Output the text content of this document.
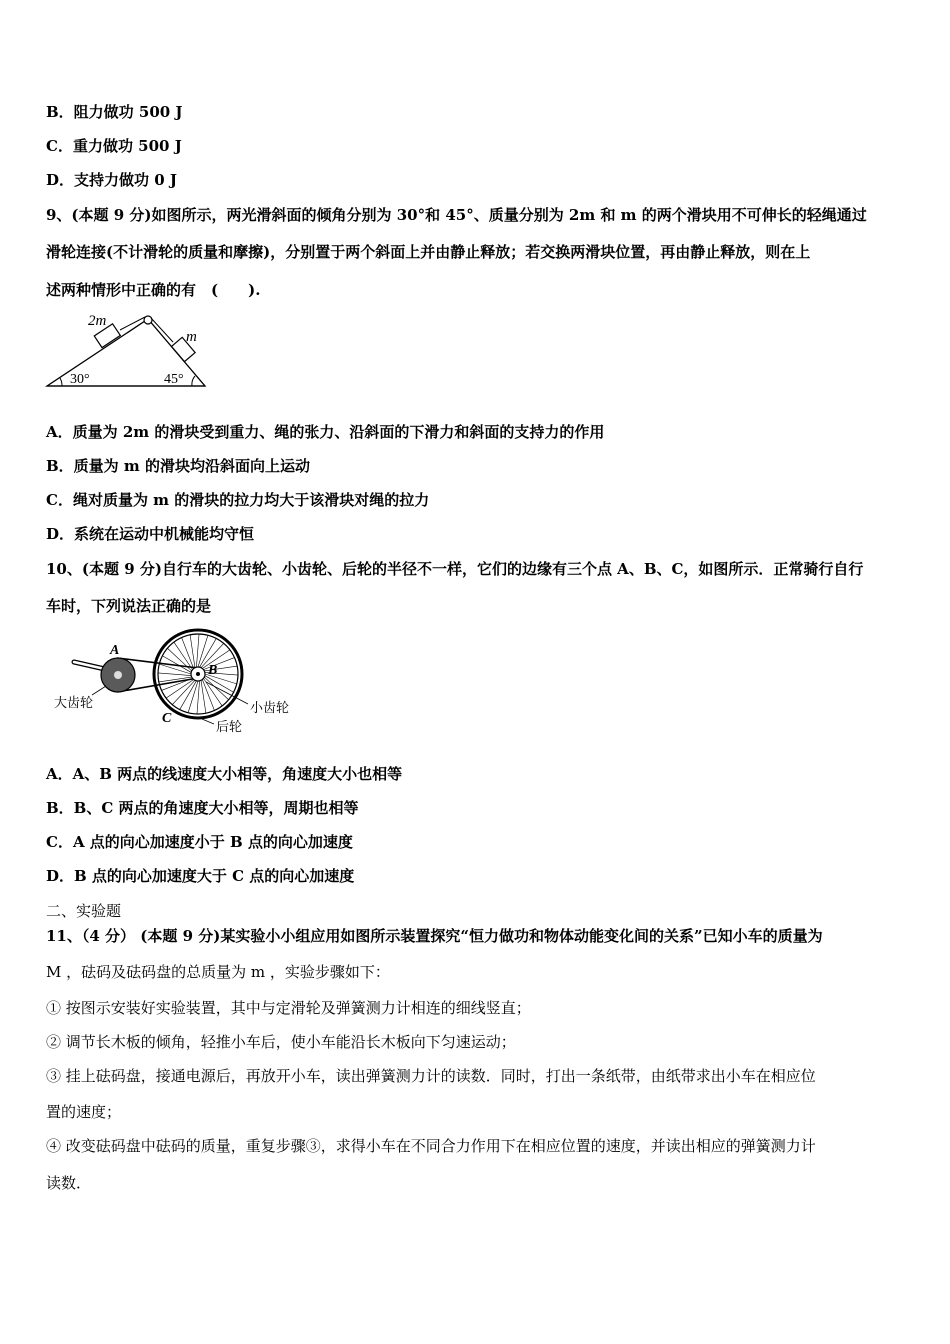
B．阻力做功 500 J
C．重力做功 500 J
D．支持力做功 0 J
9、(本题 9 分)如图所示，两光滑斜面的倾角分别为 30°和 45°、质量分别为 2m 和 m 的两个滑块用不可伸长的轻绳通过
滑轮连接(不计滑轮的质量和摩擦)，分别置于两个斜面上并由静止释放；若交换两滑块位置，再由静止释放，则在上
述两种情形中正确的有　(　　).
2m
m
30°	45°
A．质量为 2m 的滑块受到重力、绳的张力、沿斜面的下滑力和斜面的支持力的作用
B．质量为 m 的滑块均沿斜面向上运动
C．绳对质量为 m 的滑块的拉力均大于该滑块对绳的拉力
D．系统在运动中机械能均守恒
10、(本题 9 分)自行车的大齿轮、小齿轮、后轮的半径不一样，它们的边缘有三个点 A、B、C，如图所示．正常骑行自行
车时，下列说法正确的是
A
B
C
大齿轮	小齿轮
后轮
A．A、B 两点的线速度大小相等，角速度大小也相等
B．B、C 两点的角速度大小相等，周期也相等
C．A 点的向心加速度小于 B 点的向心加速度
D．B 点的向心加速度大于 C 点的向心加速度
二、实验题
11、（4 分） (本题 9 分)某实验小小组应用如图所示装置探究“恒力做功和物体动能变化间的关系”已知小车的质量为
M ，砝码及砝码盘的总质量为 m ，实验步骤如下：
① 按图示安装好实验装置，其中与定滑轮及弹簧测力计相连的细线竖直；
② 调节长木板的倾角，轻推小车后，使小车能沿长木板向下匀速运动；
③ 挂上砝码盘，接通电源后，再放开小车，读出弹簧测力计的读数．同时，打出一条纸带，由纸带求出小车在相应位
置的速度；
④ 改变砝码盘中砝码的质量，重复步骤③，求得小车在不同合力作用下在相应位置的速度，并读出相应的弹簧测力计
读数．
